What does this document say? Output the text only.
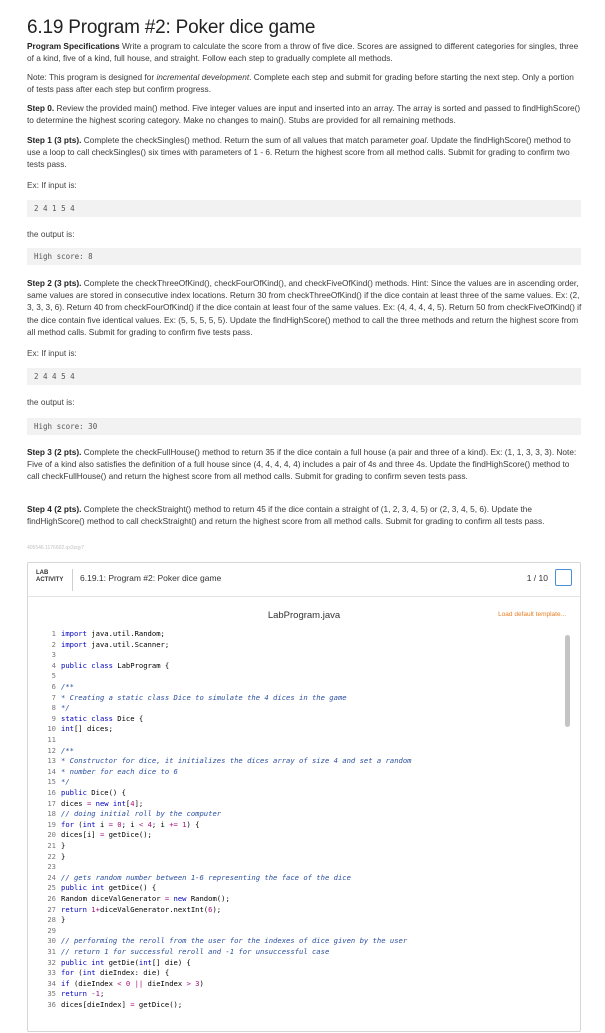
6.19 Program #2: Poker dice game
Program Specifications Write a program to calculate the score from a throw of five dice. Scores are assigned to different categories for singles, three of a kind, five of a kind, full house, and straight. Follow each step to gradually complete all methods.
Note: This program is designed for incremental development. Complete each step and submit for grading before starting the next step. Only a portion of tests pass after each step but confirm progress.
Step 0. Review the provided main() method. Five integer values are input and inserted into an array. The array is sorted and passed to findHighScore() to determine the highest scoring category. Make no changes to main(). Stubs are provided for all remaining methods.
Step 1 (3 pts). Complete the checkSingles() method. Return the sum of all values that match parameter goal. Update the findHighScore() method to use a loop to call checkSingles() six times with parameters of 1 - 6. Return the highest score from all method calls. Submit for grading to confirm two tests pass.
Ex: If input is:
2 4 1 5 4
the output is:
High score: 8
Step 2 (3 pts). Complete the checkThreeOfKind(), checkFourOfKind(), and checkFiveOfKind() methods. Hint: Since the values are in ascending order, same values are stored in consecutive index locations. Return 30 from checkThreeOfKind() if the dice contain at least three of the same values. Ex: (2, 3, 3, 3, 6). Return 40 from checkFourOfKind() if the dice contain at least four of the same values. Ex: (4, 4, 4, 4, 5). Return 50 from checkFiveOfKind() if the dice contain five identical values. Ex: (5, 5, 5, 5, 5). Update the findHighScore() method to call the three methods and return the highest score from all method calls. Submit for grading to confirm five tests pass.
Ex: If input is:
2 4 4 5 4
the output is:
High score: 30
Step 3 (2 pts). Complete the checkFullHouse() method to return 35 if the dice contain a full house (a pair and three of a kind). Ex: (1, 1, 3, 3, 3). Note: Five of a kind also satisfies the definition of a full house since (4, 4, 4, 4, 4) includes a pair of 4s and three 4s. Update the findHighScore() method to call checkFullHouse() and return the highest score from all method calls. Submit for grading to confirm seven tests pass.
Step 4 (2 pts). Complete the checkStraight() method to return 45 if the dice contain a straight of (1, 2, 3, 4, 5) or (2, 3, 4, 5, 6). Update the findHighScore() method to call checkStraight() and return the highest score from all method calls. Submit for grading to confirm all tests pass.
405546.1176602.qx3zqy7
LAB
ACTIVITY	6.19.1: Program #2: Poker dice game	1 / 10
LabProgram.java	Load default template...
1 import java.util.Random;
2 import java.util.Scanner;
3
4 public class LabProgram {
5
6 /**
7 * Creating a static class Dice to simulate the 4 dices in the game
8 */
9 static class Dice {
10 int[] dices;
11
12 /**
13 * Constructor for dice, it initializes the dices array of size 4 and set a random
14 * number for each dice to 6
15 */
16 public Dice() {
17 dices = new int[4];
18 // doing initial roll by the computer
19 for (int i = 0; i < 4; i += 1) {
20 dices[i] = getDice();
21 }
22 }
23
24 // gets random number between 1-6 representing the face of the dice
25 public int getDice() {
26 Random diceValGenerator = new Random();
27 return 1+diceValGenerator.nextInt(6);
28 }
29
30 // performing the reroll from the user for the indexes of dice given by the user
31 // return 1 for successful reroll and -1 for unsuccessful case
32 public int getDie(int[] die) {
33 for (int dieIndex: die) {
34 if (dieIndex < 0 || dieIndex > 3)
35 return -1;
36 dices[dieIndex] = getDice();
